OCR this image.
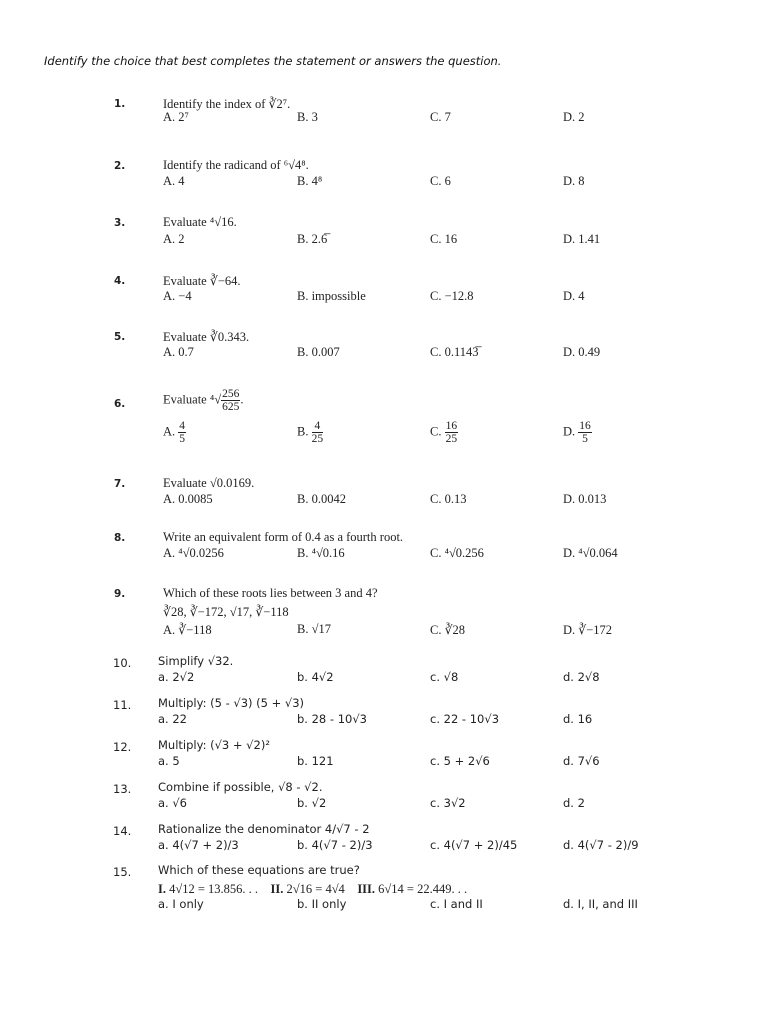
Identify the choice that best completes the statement or answers the question.
1.	Identify the index of ∛2⁷.
A. 2⁷	B. 3	C. 7	D. 2
2.	Identify the radicand of ⁶√4⁸.
A. 4	B. 4⁸	C. 6	D. 8
3.	Evaluate ⁴√16.
A. 2	B. 2.6̅	C. 16	D. 1.41
4.	Evaluate ∛−64.
A. −4	B. impossible	C. −12.8	D. 4
5.	Evaluate ∛0.343.
A. 0.7	B. 0.007	C. 0.1143̅	D. 0.49
6.	Evaluate $^4√ \frac{256}{625}$ .
A. $\frac{4}{5}$	B. $\frac{4}{25}$	C. $\frac{16}{25}$	D. $\frac{16}{5}$
7.	Evaluate √0.0169.
A. 0.0085	B. 0.0042	C. 0.13	D. 0.013
8.	Write an equivalent form of 0.4 as a fourth root.
A. ⁴√0.0256	B. ⁴√0.16	C. ⁴√0.256	D. ⁴√0.064
9.	Which of these roots lies between 3 and 4?
∛28, ∛−172, √17, ∛−118
A. ∛−118	B. √17	C. ∛28	D. ∛−172
10. Simplify √32.
a. 2√2	b. 4√2	c. √8	d. 2√8
11. Multiply: (5 - √3) (5 + √3)
a. 22	b. 28 - 10√3	c. 22 - 10√3	d. 16
12. Multiply: (√3 + √2)²
a. 5	b. 121	c. 5 + 2√6	d. 7√6
13. Combine if possible, √8 - √2.
a. √6	b. √2	c. 3√2	d. 2
14. Rationalize the denominator 4/√7 - 2
a. 4(√7 + 2)/3	b. 4(√7 - 2)/3	c. 4(√7 + 2)/45	d. 4(√7 - 2)/9
15. Which of these equations are true?
I. 4√12 = 13.856. . . II. 2√16 = 4√4 III. 6√14 = 22.449. . .
a. I only	b. II only	c. I and II	d. I, II, and III
